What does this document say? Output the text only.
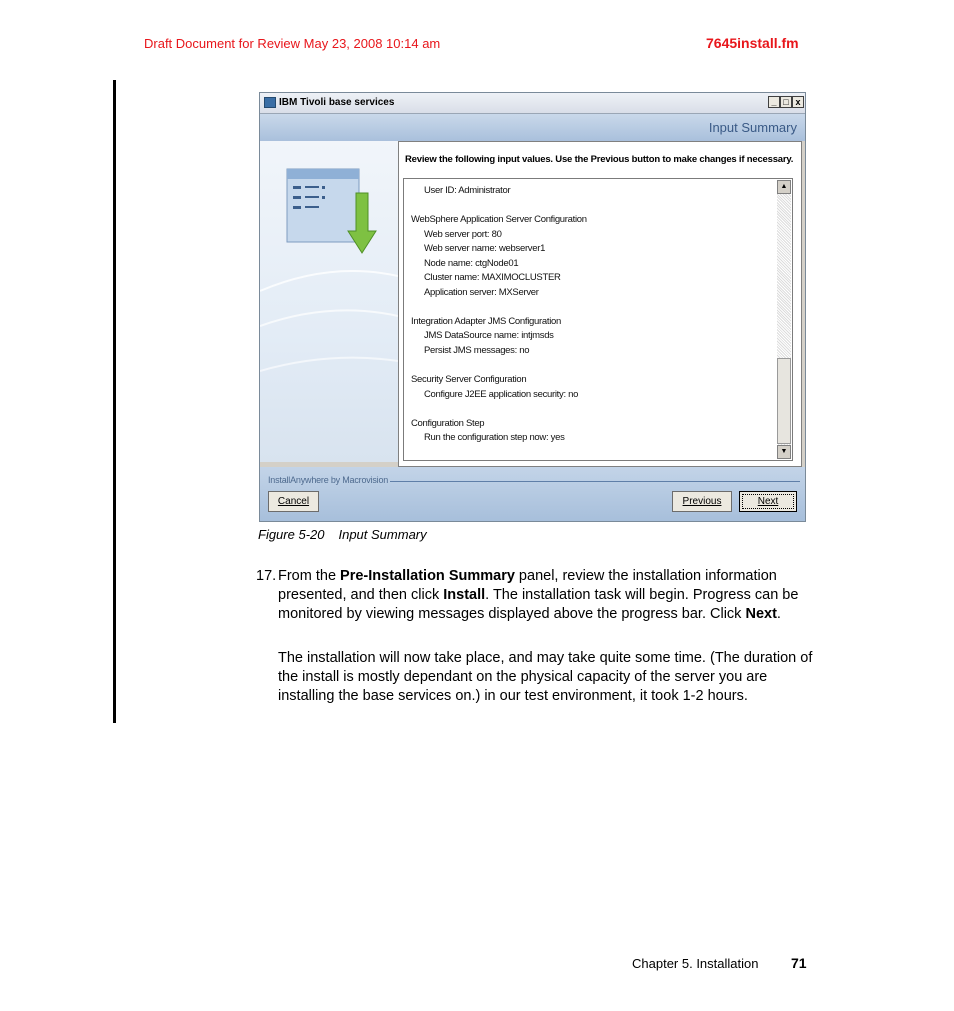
Draft Document for Review May 23, 2008 10:14 am	7645install.fm
IBM Tivoli base services	_ □ x
Input Summary
Review the following input values. Use the Previous button to make changes if necessary.
User ID: Administrator
WebSphere Application Server Configuration
Web server port: 80
Web server name: webserver1
Node name: ctgNode01
Cluster name: MAXIMOCLUSTER
Application server: MXServer
Integration Adapter JMS Configuration
JMS DataSource name: intjmsds
Persist JMS messages: no
Security Server Configuration
Configure J2EE application security: no
Configuration Step
Run the configuration step now: yes
▲
▼
InstallAnywhere by Macrovision
Cancel	Previous	Next
Figure 5-20 Input Summary
17. From the Pre-Installation Summary panel, review the installation information presented, and then click Install. The installation task will begin. Progress can be monitored by viewing messages displayed above the progress bar. Click Next.
The installation will now take place, and may take quite some time. (The duration of the install is mostly dependant on the physical capacity of the server you are installing the base services on.) in our test environment, it took 1-2 hours.
Chapter 5. Installation 71
